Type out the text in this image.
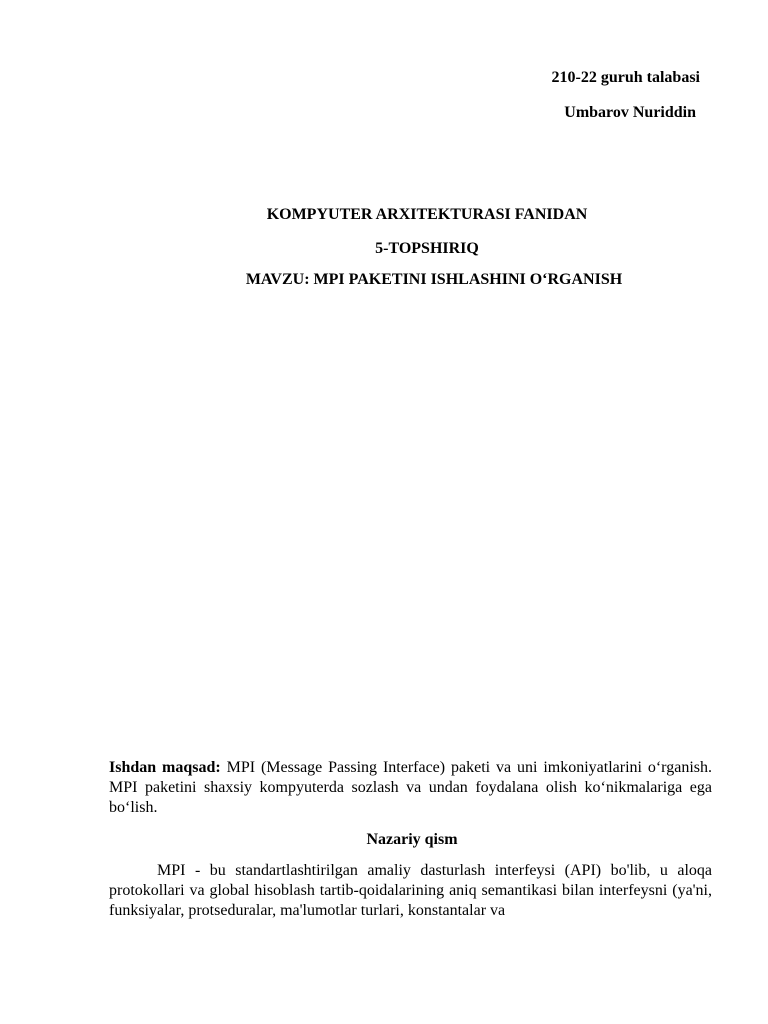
210-22 guruh talabasi
Umbarov Nuriddin
KOMPYUTER ARXITEKTURASI FANIDAN
5-TOPSHIRIQ
MAVZU: MPI PAKETINI ISHLASHINI O‘RGANISH
Ishdan maqsad: MPI (Message Passing Interface) paketi va uni imkoniyatlarini o‘rganish. MPI paketini shaxsiy kompyuterda sozlash va undan foydalana olish ko‘nikmalariga ega bo‘lish.
Nazariy qism
MPI - bu standartlashtirilgan amaliy dasturlash interfeysi (API) bo'lib, u aloqa protokollari va global hisoblash tartib-qoidalarining aniq semantikasi bilan interfeysni (ya'ni, funksiyalar, protseduralar, ma'lumotlar turlari, konstantalar va
